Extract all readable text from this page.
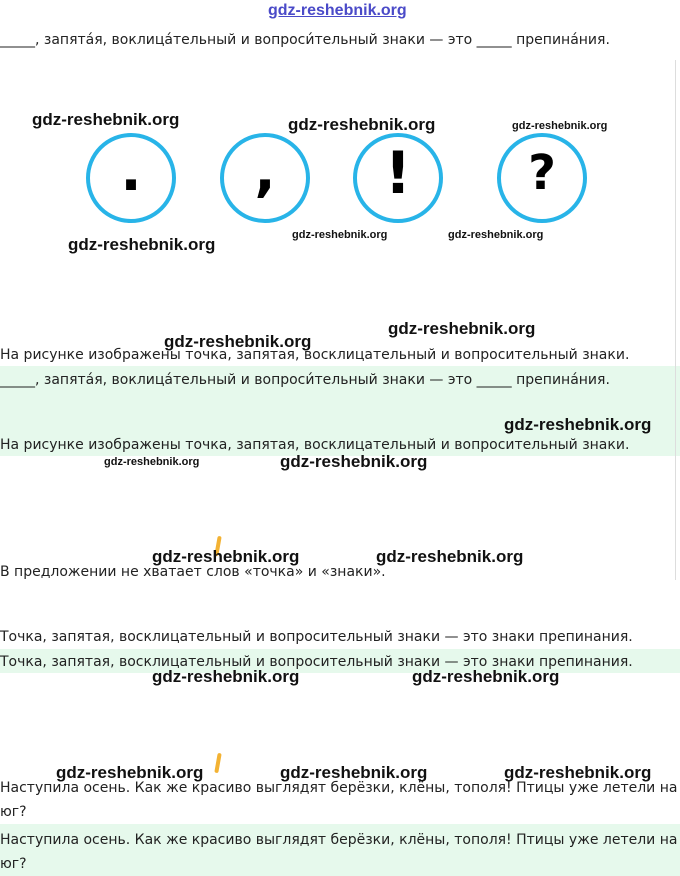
gdz-reshebnik.org
_____, запята́я, воклица́тельный и вопроси́тельный знаки — это _____ препина́ния.
gdz-reshebnik.org	gdz-reshebnik.org	gdz-reshebnik.org
.	,	!	?
gdz-reshebnik.org	gdz-reshebnik.org	gdz-reshebnik.org
gdz-reshebnik.org
gdz-reshebnik.org
На рисунке изображены точка, запятая, восклицательный и вопросительный знаки.
_____, запята́я, воклица́тельный и вопроси́тельный знаки — это _____ препина́ния.
gdz-reshebnik.org
На рисунке изображены точка, запятая, восклицательный и вопросительный знаки.
gdz-reshebnik.org	gdz-reshebnik.org
gdz-reshebnik.org	gdz-reshebnik.org
В предложении не хватает слов «точка» и «знаки».
Точка, запятая, восклицательный и вопросительный знаки — это знаки препинания.
Точка, запятая, восклицательный и вопросительный знаки — это знаки препинания.
gdz-reshebnik.org	gdz-reshebnik.org
gdz-reshebnik.org	gdz-reshebnik.org	gdz-reshebnik.org
Наступила осень. Как же красиво выглядят берёзки, клёны, тополя! Птицы уже летели на
юг?
Наступила осень. Как же красиво выглядят берёзки, клёны, тополя! Птицы уже летели на
юг?
